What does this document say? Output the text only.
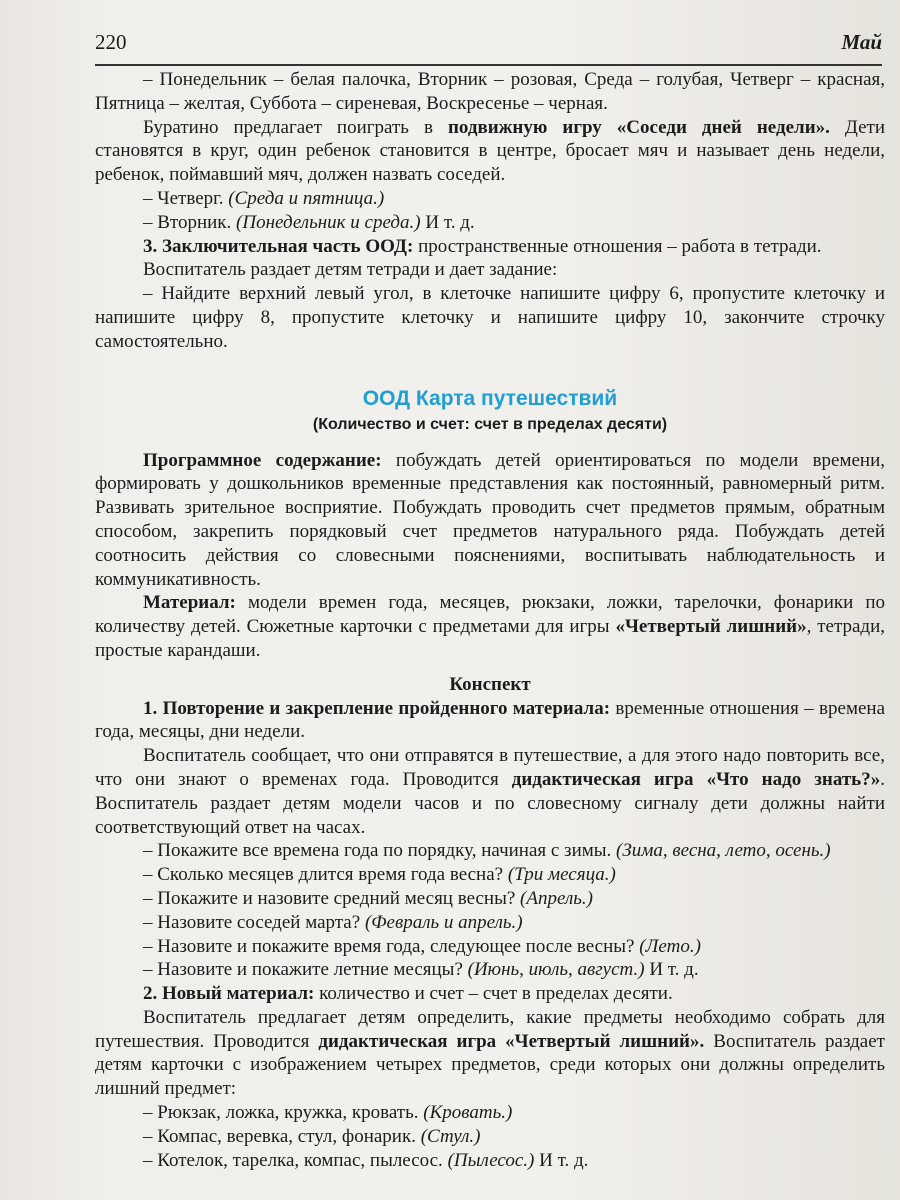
220	Май

– Понедельник – белая палочка, Вторник – розовая, Среда – голубая, Четверг – красная, Пятница – желтая, Суббота – сиреневая, Воскресенье – черная.

Буратино предлагает поиграть в подвижную игру «Соседи дней недели». Дети становятся в круг, один ребенок становится в центре, бросает мяч и называет день недели, ребенок, поймавший мяч, должен назвать соседей.

– Четверг. (Среда и пятница.)

– Вторник. (Понедельник и среда.) И т. д.

3. Заключительная часть ООД: пространственные отношения – работа в тетради.

Воспитатель раздает детям тетради и дает задание:

– Найдите верхний левый угол, в клеточке напишите цифру 6, пропустите клеточку и напишите цифру 8, пропустите клеточку и напишите цифру 10, закончите строчку самостоятельно.

ООД Карта путешествий
(Количество и счет: счет в пределах десяти)

Программное содержание: побуждать детей ориентироваться по модели времени, формировать у дошкольников временные представления как постоянный, равномерный ритм. Развивать зрительное восприятие. Побуждать проводить счет предметов прямым, обратным способом, закрепить порядковый счет предметов натурального ряда. Побуждать детей соотносить действия со словесными пояснениями, воспитывать наблюдательность и коммуникативность.

Материал: модели времен года, месяцев, рюкзаки, ложки, тарелочки, фонарики по количеству детей. Сюжетные карточки с предметами для игры «Четвертый лишний», тетради, простые карандаши.

Конспект

1. Повторение и закрепление пройденного материала: временные отношения – времена года, месяцы, дни недели.

Воспитатель сообщает, что они отправятся в путешествие, а для этого надо повторить все, что они знают о временах года. Проводится дидактическая игра «Что надо знать?». Воспитатель раздает детям модели часов и по словесному сигналу дети должны найти соответствующий ответ на часах.

– Покажите все времена года по порядку, начиная с зимы. (Зима, весна, лето, осень.)

– Сколько месяцев длится время года весна? (Три месяца.)

– Покажите и назовите средний месяц весны? (Апрель.)

– Назовите соседей марта? (Февраль и апрель.)

– Назовите и покажите время года, следующее после весны? (Лето.)

– Назовите и покажите летние месяцы? (Июнь, июль, август.) И т. д.

2. Новый материал: количество и счет – счет в пределах десяти.

Воспитатель предлагает детям определить, какие предметы необходимо собрать для путешествия. Проводится дидактическая игра «Четвертый лишний». Воспитатель раздает детям карточки с изображением четырех предметов, среди которых они должны определить лишний предмет:

– Рюкзак, ложка, кружка, кровать. (Кровать.)

– Компас, веревка, стул, фонарик. (Стул.)

– Котелок, тарелка, компас, пылесос. (Пылесос.) И т. д.
